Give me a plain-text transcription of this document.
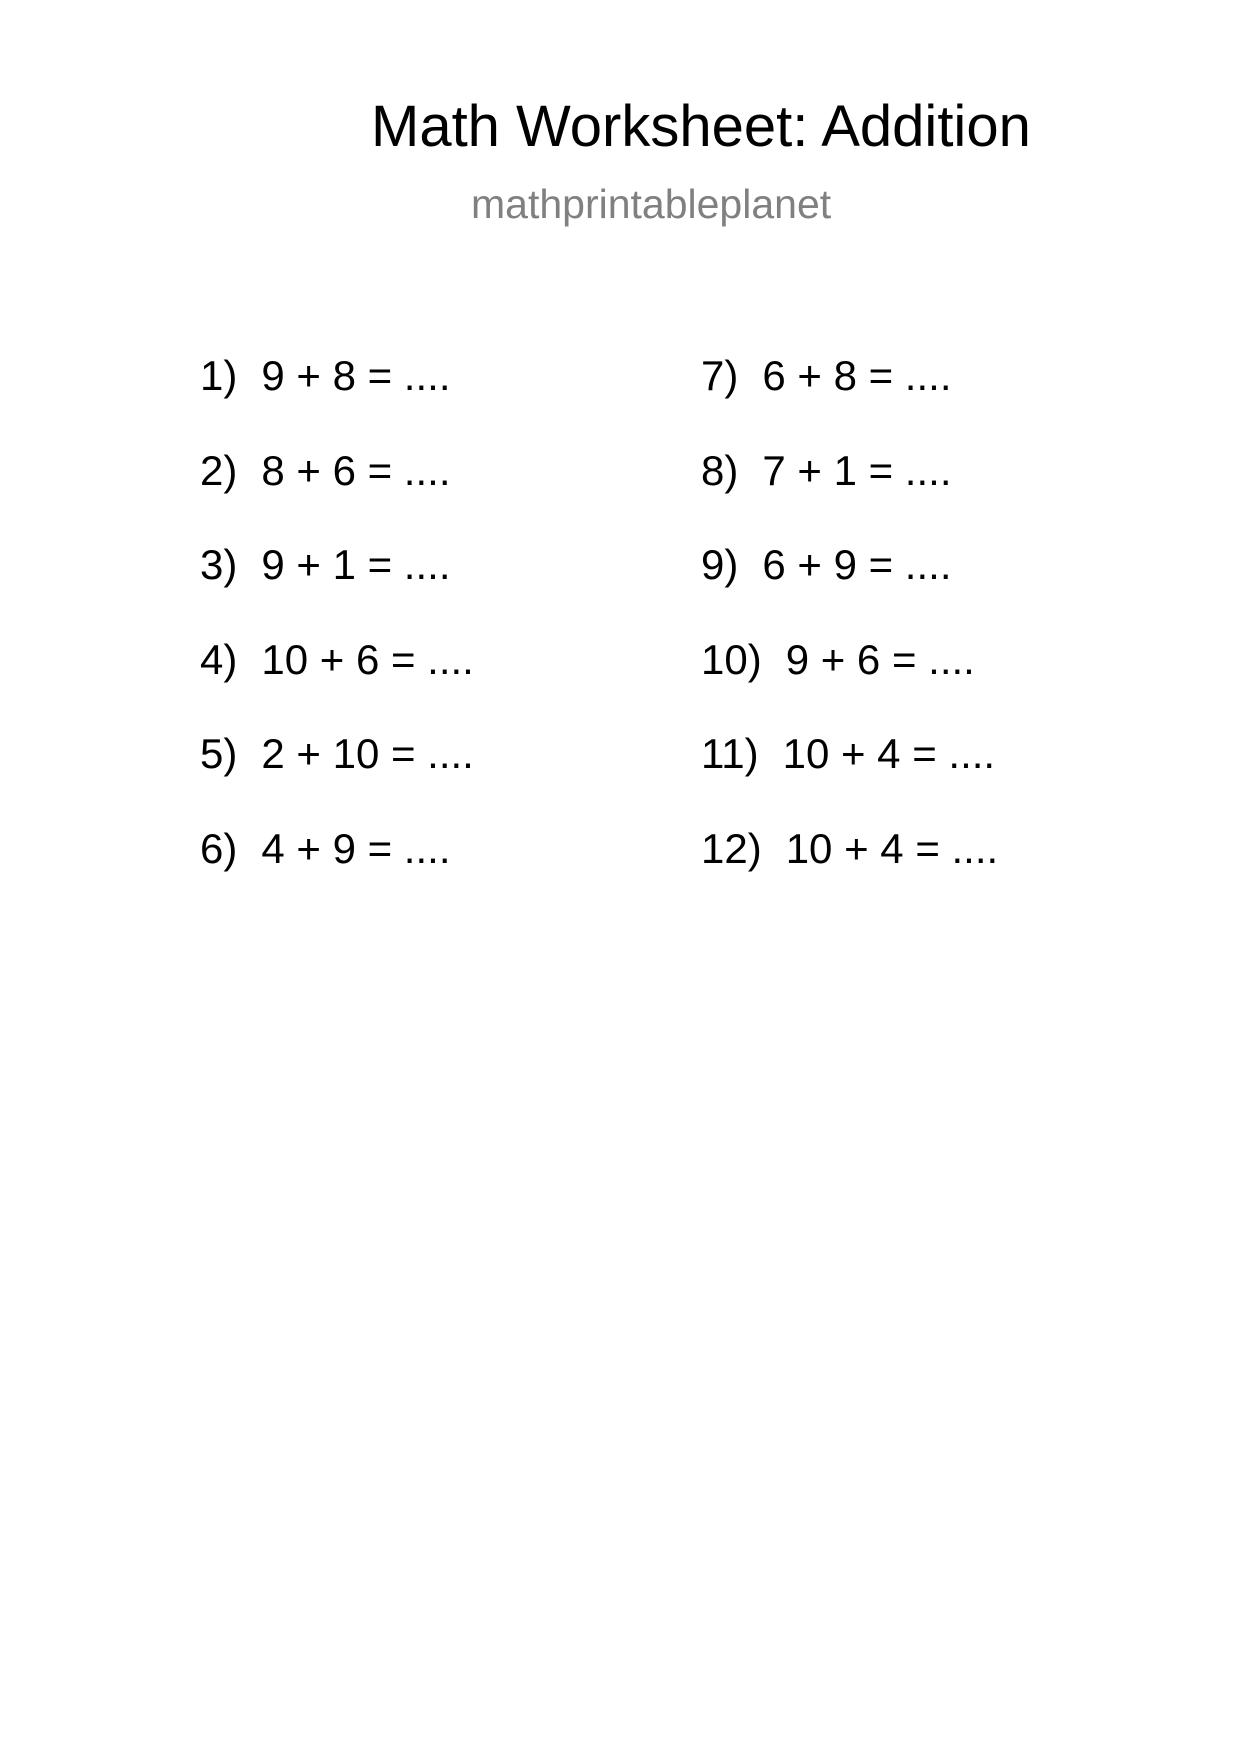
Math Worksheet: Addition
mathprintableplanet
1) 9 + 8 = ....
2) 8 + 6 = ....
3) 9 + 1 = ....
4) 10 + 6 = ....
5) 2 + 10 = ....
6) 4 + 9 = ....
7) 6 + 8 = ....
8) 7 + 1 = ....
9) 6 + 9 = ....
10) 9 + 6 = ....
11) 10 + 4 = ....
12) 10 + 4 = ....
